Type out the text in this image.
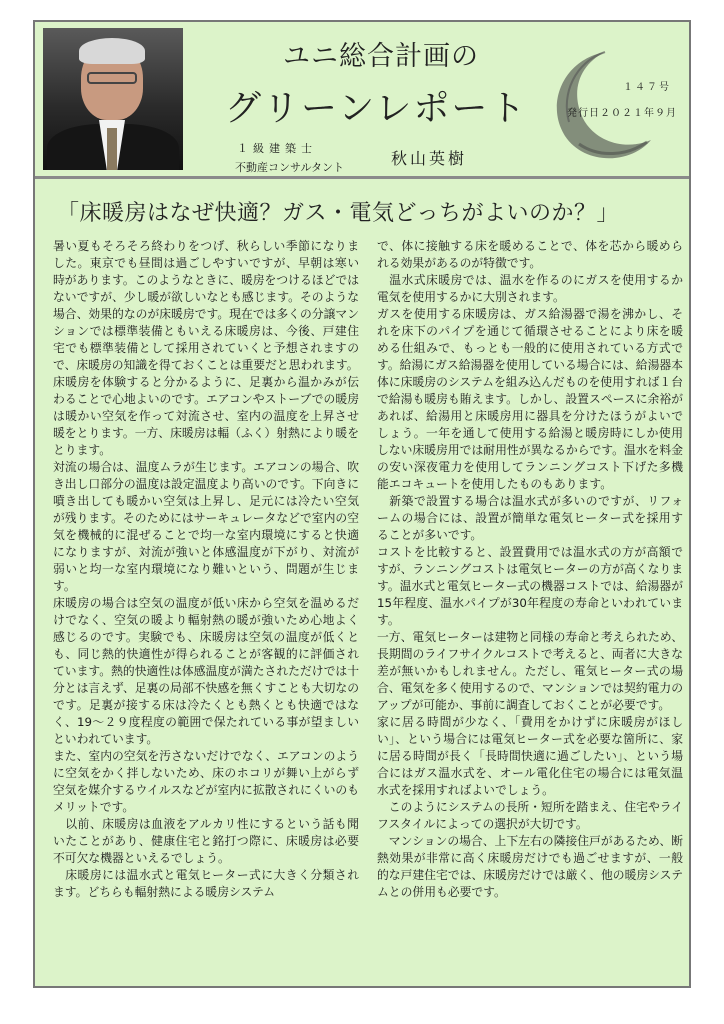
ユニ総合計画の
グリーンレポート
１級建築士
不動産コンサルタント	秋山英樹
１４７号
発行日２０２１年９月
「床暖房はなぜ快適？ガス・電気どっちがよいのか？」

暑い夏もそろそろ終わりをつげ、秋らしい季節になりました。東京でも昼間は過ごしやすいですが、早朝は寒い時があります。このようなときに、暖房をつけるほどではないですが、少し暖が欲しいなとも感じます。そのような場合、効果的なのが床暖房です。現在では多くの分譲マンションでは標準装備ともいえる床暖房は、今後、戸建住宅でも標準装備として採用されていくと予想されますので、床暖房の知識を得ておくことは重要だと思われます。

床暖房を体験すると分かるように、足裏から温かみが伝わることで心地よいのです。エアコンやストーブでの暖房は暖かい空気を作って対流させ、室内の温度を上昇させ暖をとります。一方、床暖房は輻（ふく）射熱により暖をとります。

対流の場合は、温度ムラが生じます。エアコンの場合、吹き出し口部分の温度は設定温度より高いのです。下向きに噴き出しても暖かい空気は上昇し、足元には冷たい空気が残ります。そのためにはサーキュレータなどで室内の空気を機械的に混ぜることで均一な室内環境にすると快適になりますが、対流が強いと体感温度が下がり、対流が弱いと均一な室内環境になり難いという、問題が生じます。

床暖房の場合は空気の温度が低い床から空気を温めるだけでなく、空気の暖より輻射熱の暖が強いため心地よく感じるのです。実験でも、床暖房は空気の温度が低くとも、同じ熱的快適性が得られることが客観的に評価されています。熱的快適性は体感温度が満たされただけでは十分とは言えず、足裏の局部不快感を無くすことも大切なのです。足裏が接する床は冷たくとも熱くとも快適ではなく、19～２９度程度の範囲で保たれている事が望ましいといわれています。

また、室内の空気を汚さないだけでなく、エアコンのように空気をかく拌しないため、床のホコリが舞い上がらず空気を媒介するウイルスなどが室内に拡散されにくいのもメリットです。

　以前、床暖房は血液をアルカリ性にするという話も聞いたことがあり、健康住宅と銘打つ際に、床暖房は必要不可欠な機器といえるでしょう。

　床暖房には温水式と電気ヒーター式に大きく分類されます。どちらも輻射熱による暖房システム

で、体に接触する床を暖めることで、体を芯から暖められる効果があるのが特徴です。

　温水式床暖房では、温水を作るのにガスを使用するか電気を使用するかに大別されます。

ガスを使用する床暖房は、ガス給湯器で湯を沸かし、それを床下のパイプを通じて循環させることにより床を暖める仕組みで、もっとも一般的に使用されている方式です。給湯にガス給湯器を使用している場合には、給湯器本体に床暖房のシステムを組み込んだものを使用すれば１台で給湯も暖房も賄えます。しかし、設置スペースに余裕があれば、給湯用と床暖房用に器具を分けたほうがよいでしょう。一年を通して使用する給湯と暖房時にしか使用しない床暖房用では耐用性が異なるからです。温水を料金の安い深夜電力を使用してランニングコスト下げた多機能エコキュートを使用したものもあります。

　新築で設置する場合は温水式が多いのですが、リフォームの場合には、設置が簡単な電気ヒーター式を採用することが多いです。

コストを比較すると、設置費用では温水式の方が高額ですが、ランニングコストは電気ヒーターの方が高くなります。温水式と電気ヒーター式の機器コストでは、給湯器が15年程度、温水パイプが30年程度の寿命といわれています。

一方、電気ヒーターは建物と同様の寿命と考えられため、長期間のライフサイクルコストで考えると、両者に大きな差が無いかもしれません。ただし、電気ヒーター式の場合、電気を多く使用するので、マンションでは契約電力のアップが可能か、事前に調査しておくことが必要です。

家に居る時間が少なく、「費用をかけずに床暖房がほしい」、という場合には電気ヒーター式を必要な箇所に、家に居る時間が長く「長時間快適に過ごしたい」、という場合にはガス温水式を、オール電化住宅の場合には電気温水式を採用すればよいでしょう。

　このようにシステムの長所・短所を踏まえ、住宅やライフスタイルによっての選択が大切です。

　マンションの場合、上下左右の隣接住戸があるため、断熱効果が非常に高く床暖房だけでも過ごせますが、一般的な戸建住宅では、床暖房だけでは厳く、他の暖房システムとの併用も必要です。
